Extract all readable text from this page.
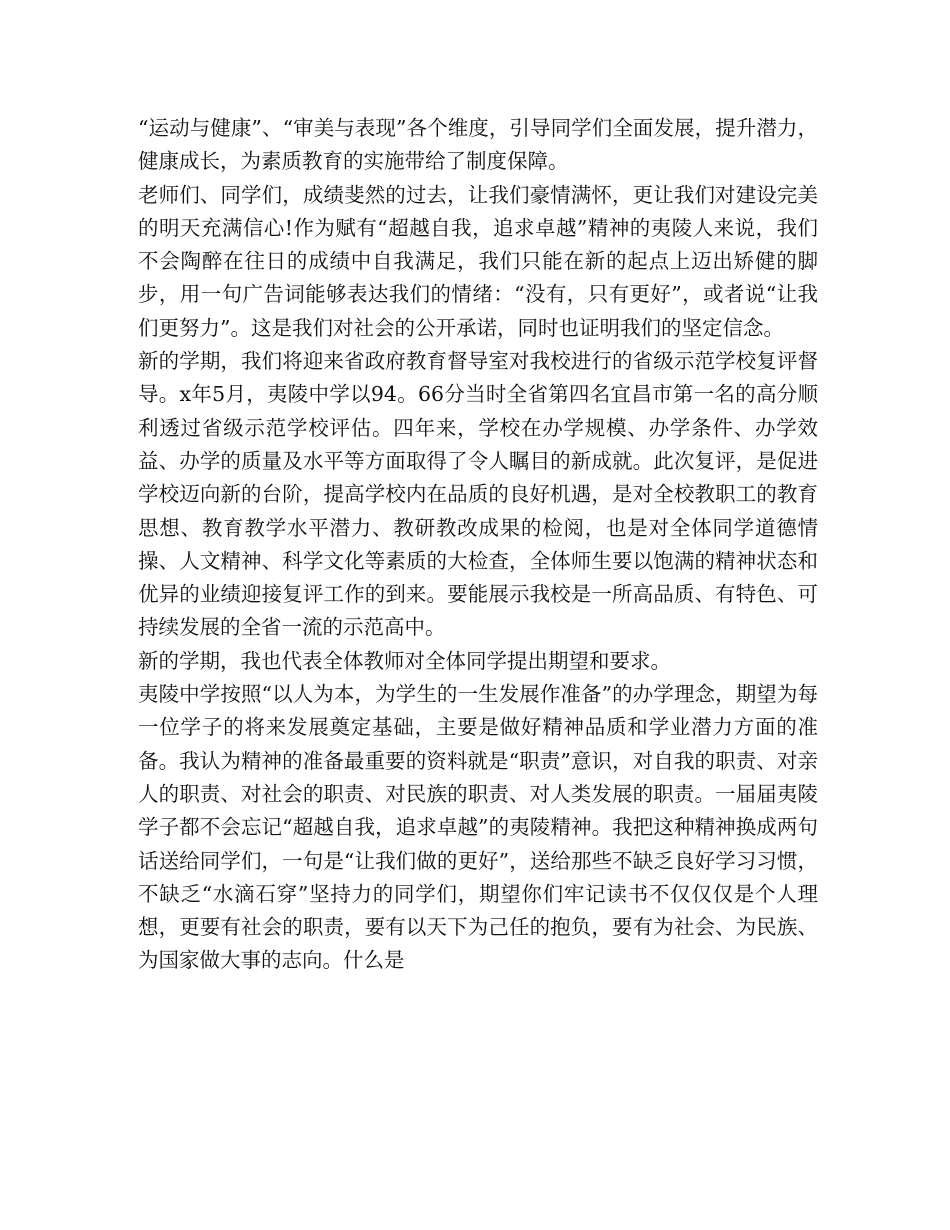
“运动与健康”、“审美与表现”各个维度，引导同学们全面发展，提升潜力，健康成长，为素质教育的实施带给了制度保障。

老师们、同学们，成绩斐然的过去，让我们豪情满怀，更让我们对建设完美的明天充满信心!作为赋有“超越自我，追求卓越”精神的夷陵人来说，我们不会陶醉在往日的成绩中自我满足，我们只能在新的起点上迈出矫健的脚步，用一句广告词能够表达我们的情绪：“没有，只有更好”，或者说“让我们更努力”。这是我们对社会的公开承诺，同时也证明我们的坚定信念。

新的学期，我们将迎来省政府教育督导室对我校进行的省级示范学校复评督导。x年5月，夷陵中学以94。66分当时全省第四名宜昌市第一名的高分顺利透过省级示范学校评估。四年来，学校在办学规模、办学条件、办学效益、办学的质量及水平等方面取得了令人瞩目的新成就。此次复评，是促进学校迈向新的台阶，提高学校内在品质的良好机遇，是对全校教职工的教育思想、教育教学水平潜力、教研教改成果的检阅，也是对全体同学道德情操、人文精神、科学文化等素质的大检查，全体师生要以饱满的精神状态和优异的业绩迎接复评工作的到来。要能展示我校是一所高品质、有特色、可持续发展的全省一流的示范高中。

新的学期，我也代表全体教师对全体同学提出期望和要求。

夷陵中学按照“以人为本，为学生的一生发展作准备”的办学理念，期望为每一位学子的将来发展奠定基础，主要是做好精神品质和学业潜力方面的准备。我认为精神的准备最重要的资料就是“职责”意识，对自我的职责、对亲人的职责、对社会的职责、对民族的职责、对人类发展的职责。一届届夷陵学子都不会忘记“超越自我，追求卓越”的夷陵精神。我把这种精神换成两句话送给同学们，一句是“让我们做的更好”，送给那些不缺乏良好学习习惯，不缺乏“水滴石穿”坚持力的同学们，期望你们牢记读书不仅仅仅是个人理想，更要有社会的职责，要有以天下为己任的抱负，要有为社会、为民族、为国家做大事的志向。什么是
